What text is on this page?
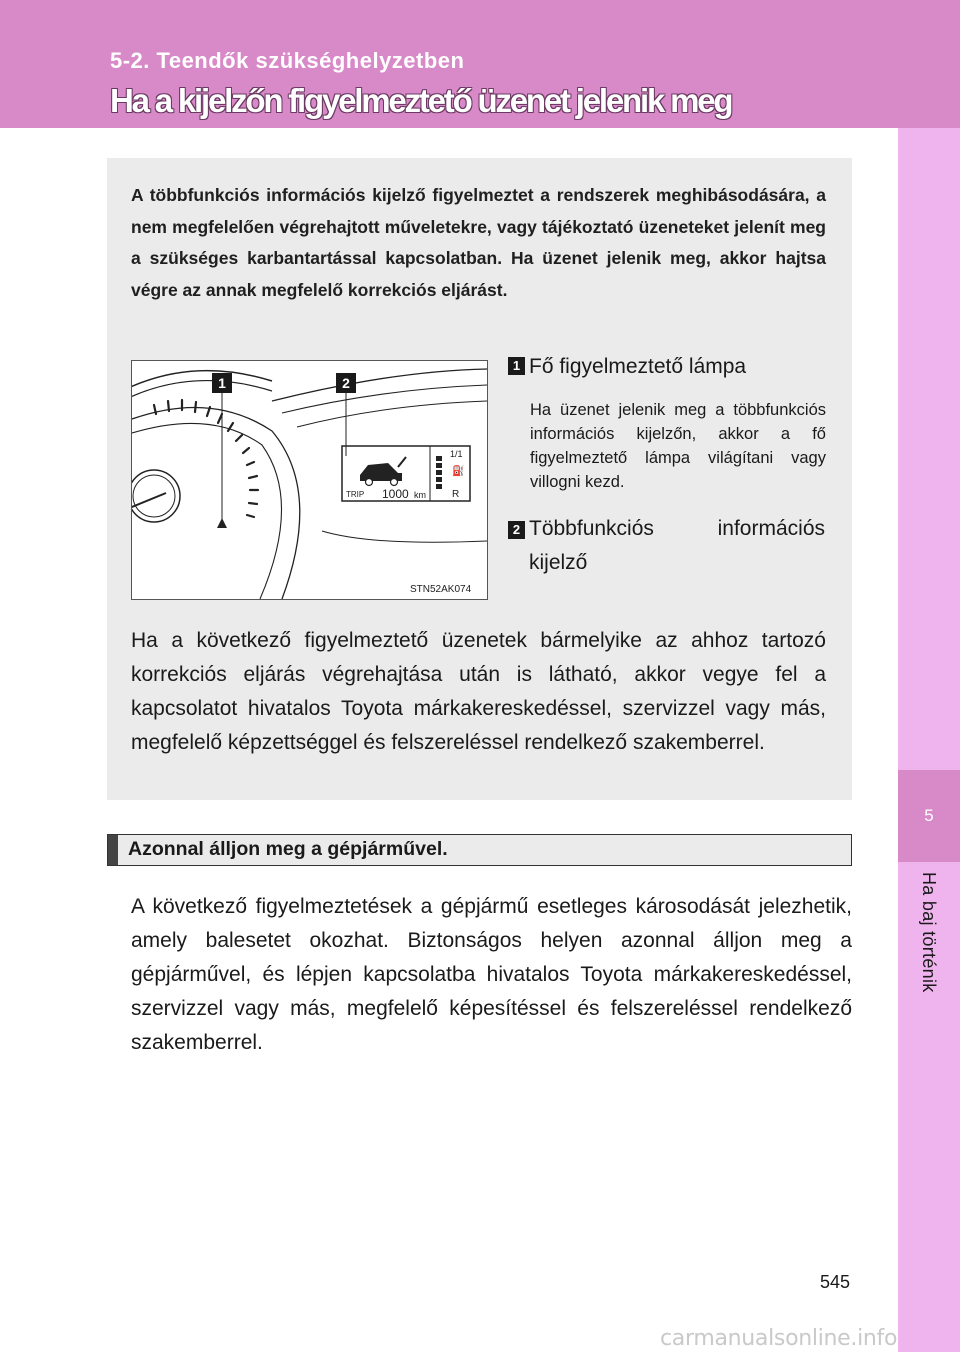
5-2. Teendők szükséghelyzetben
Ha a kijelzőn figyelmeztető üzenet jelenik meg
5
Ha baj történik
A többfunkciós információs kijelző figyelmeztet a rendszerek meghibásodására, a nem megfelelően végrehajtott műveletekre, vagy tájékoztató üzeneteket jelenít meg a szükséges karbantartással kapcsolatban. Ha üzenet jelenik meg, akkor hajtsa végre az annak megfelelő korrekciós eljárást.
1/1
⛽
R
TRIP 1000 km
1	2
STN52AK074
1 Fő figyelmeztető lámpa
Ha üzenet jelenik meg a többfunkciós információs kijelzőn, akkor a fő figyelmeztető lámpa világítani vagy villogni kezd.
2 Többfunkciós információs kijelző
Ha a következő figyelmeztető üzenetek bármelyike az ahhoz tartozó korrekciós eljárás végrehajtása után is látható, akkor vegye fel a kapcsolatot hivatalos Toyota márkakereskedéssel, szervizzel vagy más, megfelelő képzettséggel és felszereléssel rendelkező szakemberrel.
Azonnal álljon meg a gépjárművel.
A következő figyelmeztetések a gépjármű esetleges károsodását jelezhetik, amely balesetet okozhat. Biztonságos helyen azonnal álljon meg a gépjárművel, és lépjen kapcsolatba hivatalos Toyota márkakereskedéssel, szervizzel vagy más, megfelelő képesítéssel és felszereléssel rendelkező szakemberrel.
545
carmanualsonline.info
